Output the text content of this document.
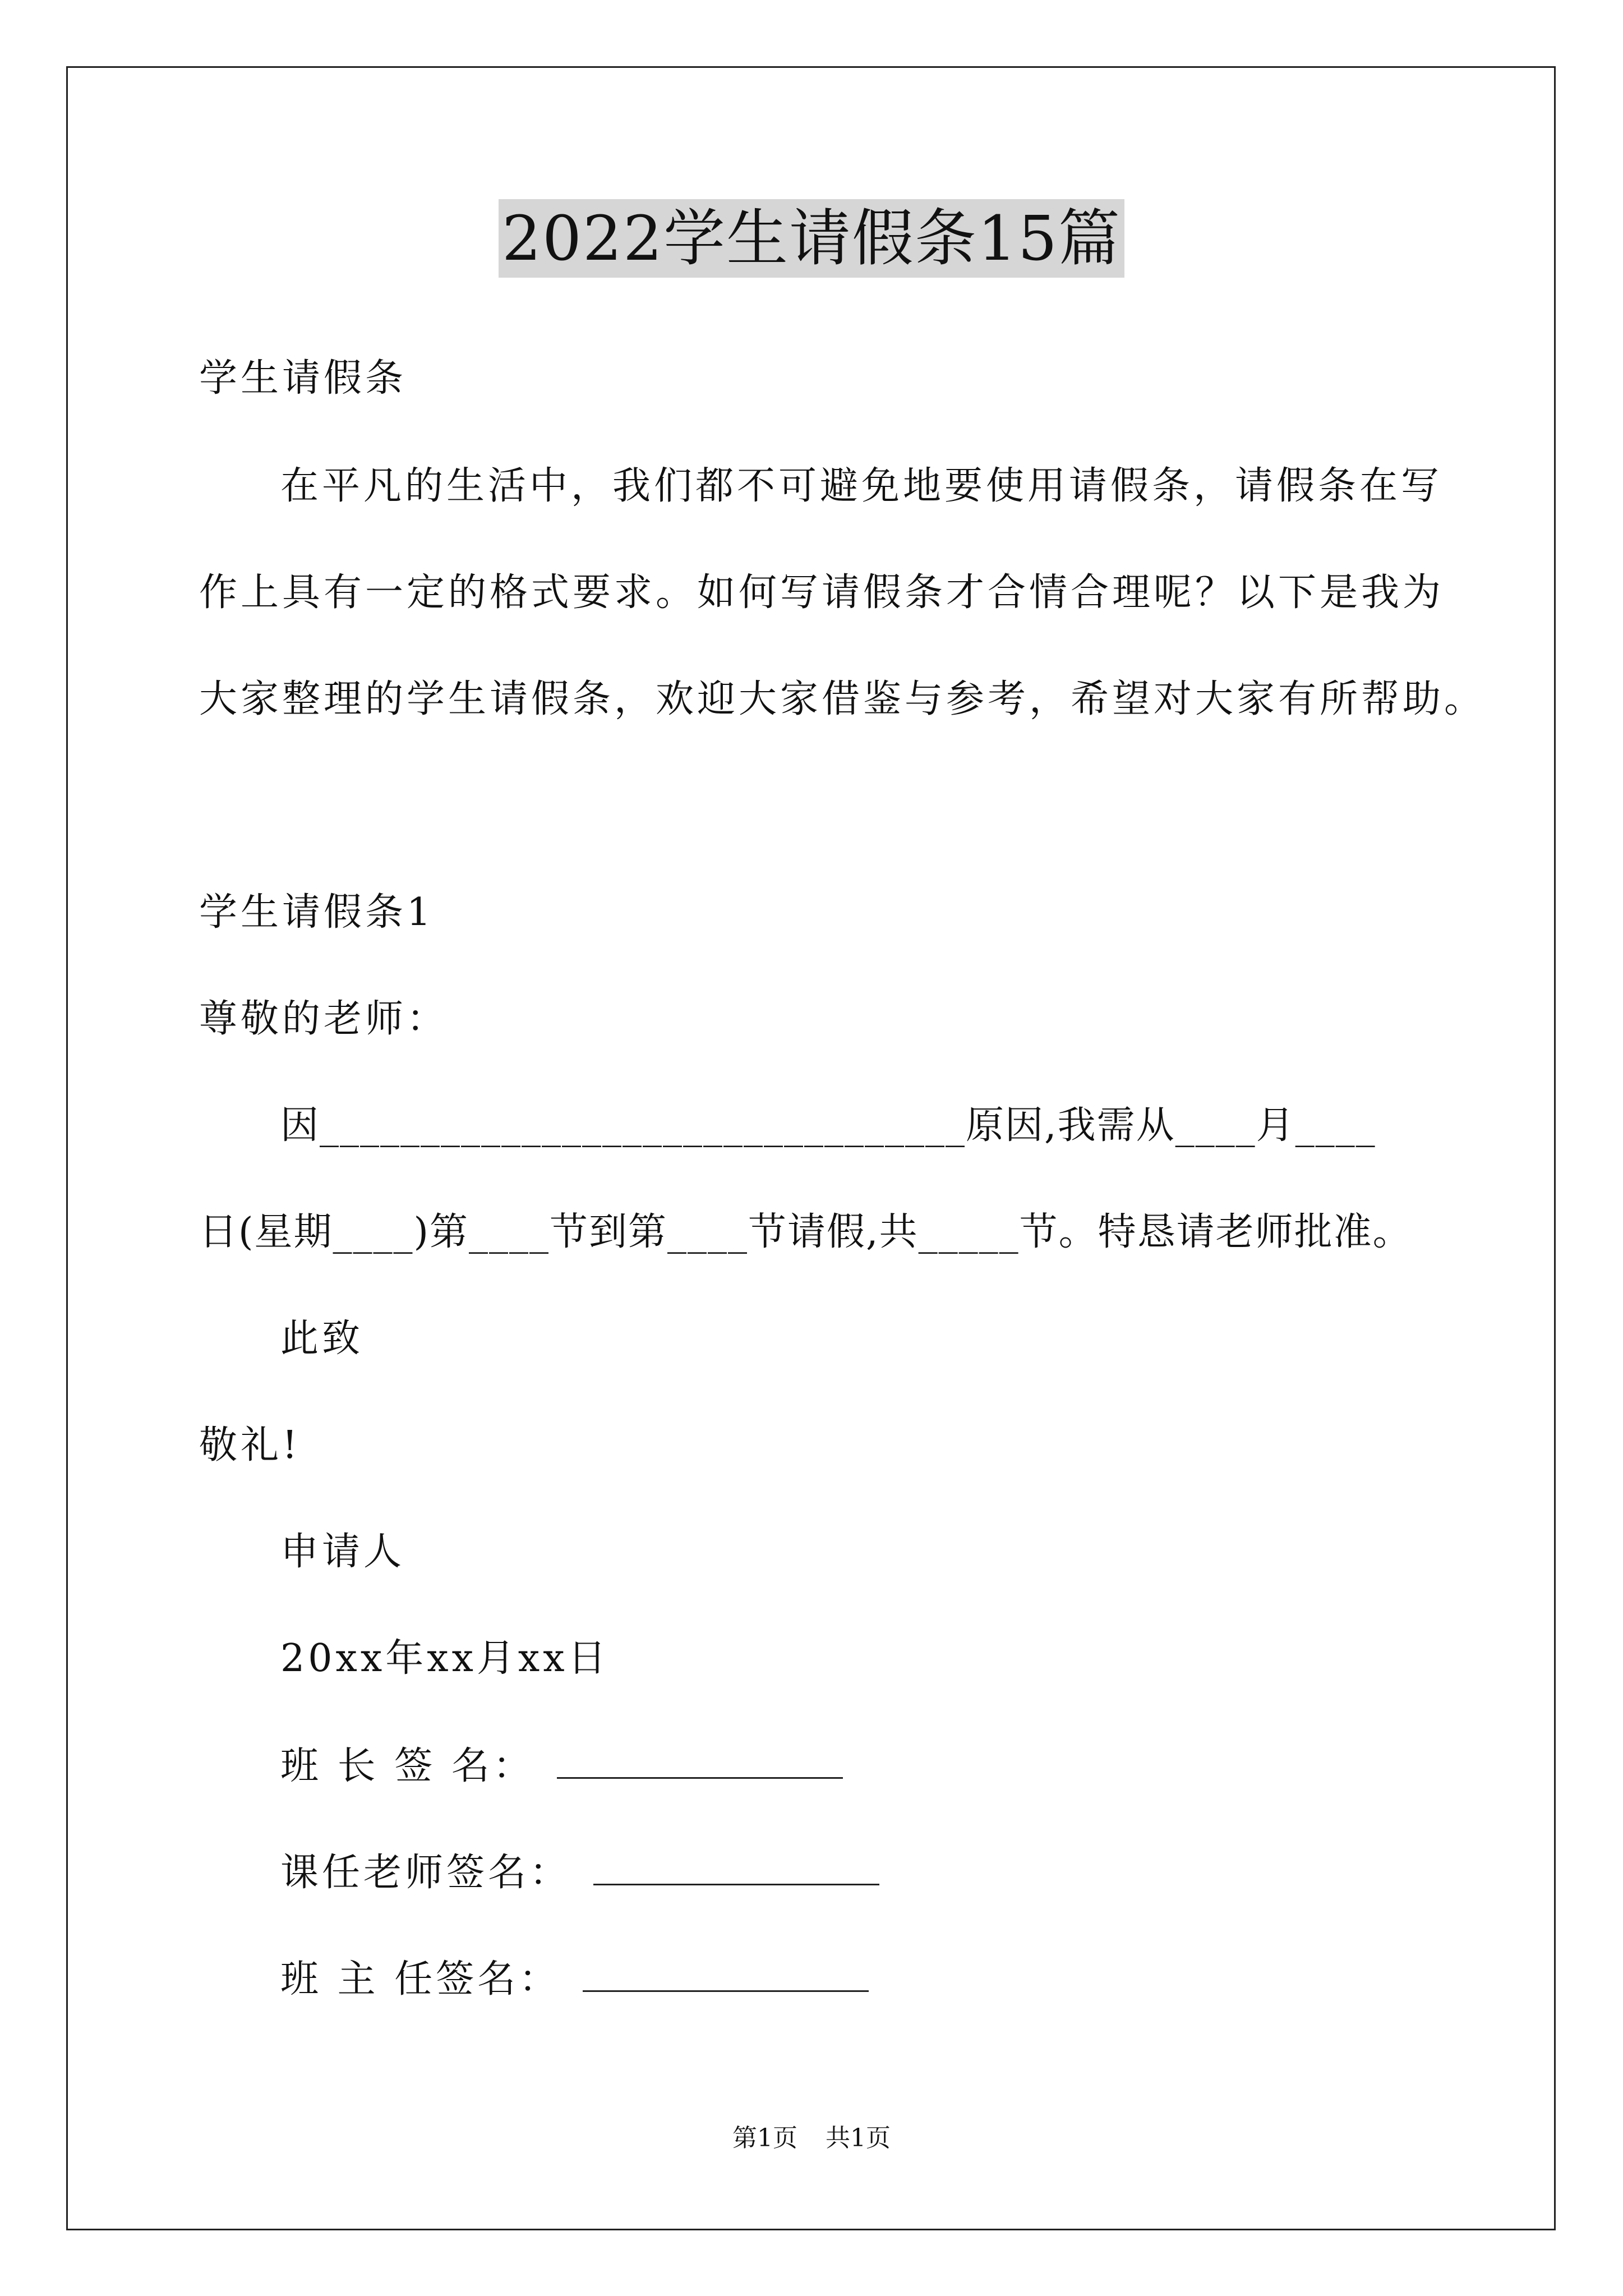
2022学生请假条15篇
学生请假条
在平凡的生活中，我们都不可避免地要使用请假条，请假条在写
作上具有一定的格式要求。如何写请假条才合情合理呢？以下是我为
大家整理的学生请假条，欢迎大家借鉴与参考，希望对大家有所帮助。
学生请假条1
尊敬的老师：
因________________________________原因,我需从____月____
日(星期____)第____节到第____节请假,共_____节。特恳请老师批准。
此致
敬礼!
申请人
20xx年xx月xx日
班 长 签 名：
课任老师签名：
班 主 任签名：
第1页 共1页
